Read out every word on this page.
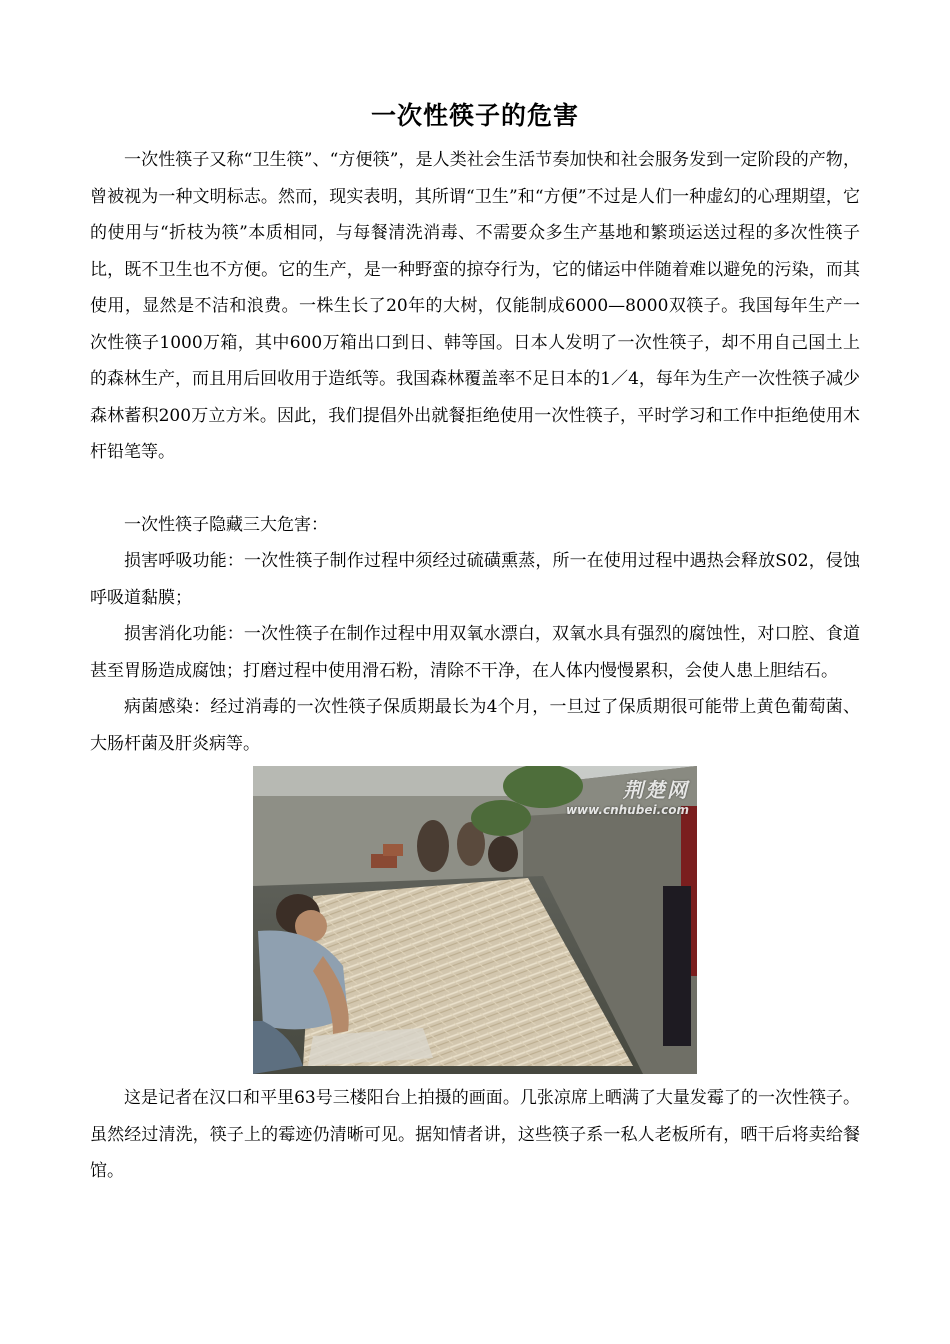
一次性筷子的危害

一次性筷子又称“卫生筷”、“方便筷”，是人类社会生活节奏加快和社会服务发到一定阶段的产物，曾被视为一种文明标志。然而，现实表明，其所谓“卫生”和“方便”不过是人们一种虚幻的心理期望，它的使用与“折枝为筷”本质相同，与每餐清洗消毒、不需要众多生产基地和繁琐运送过程的多次性筷子比，既不卫生也不方便。它的生产，是一种野蛮的掠夺行为，它的储运中伴随着难以避免的污染，而其使用，显然是不洁和浪费。一株生长了20年的大树，仅能制成6000—8000双筷子。我国每年生产一次性筷子1000万箱，其中600万箱出口到日、韩等国。日本人发明了一次性筷子，却不用自己国土上的森林生产，而且用后回收用于造纸等。我国森林覆盖率不足日本的1／4，每年为生产一次性筷子减少森林蓄积200万立方米。因此，我们提倡外出就餐拒绝使用一次性筷子，平时学习和工作中拒绝使用木杆铅笔等。

一次性筷子隐藏三大危害：

损害呼吸功能：一次性筷子制作过程中须经过硫磺熏蒸，所一在使用过程中遇热会释放S02，侵蚀呼吸道黏膜；

损害消化功能：一次性筷子在制作过程中用双氧水漂白，双氧水具有强烈的腐蚀性，对口腔、食道甚至胃肠造成腐蚀；打磨过程中使用滑石粉，清除不干净，在人体内慢慢累积，会使人患上胆结石。

病菌感染：经过消毒的一次性筷子保质期最长为4个月，一旦过了保质期很可能带上黄色葡萄菌、大肠杆菌及肝炎病等。

荆楚网
www.cnhubei.com

这是记者在汉口和平里63号三楼阳台上拍摄的画面。几张凉席上晒满了大量发霉了的一次性筷子。虽然经过清洗，筷子上的霉迹仍清晰可见。据知情者讲，这些筷子系一私人老板所有，晒干后将卖给餐馆。
